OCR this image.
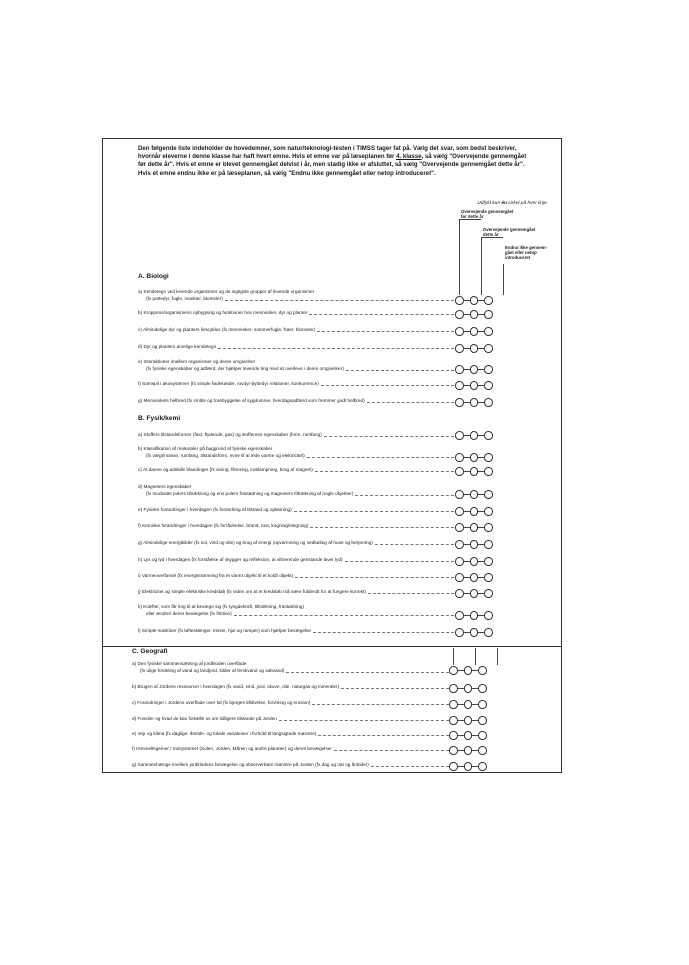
Den følgende liste indeholder de hovedemner, som natur/teknologi-testen i TIMSS tager fat på. Vælg det svar, som bedst beskriver, hvornår eleverne i denne klasse har haft hvert emne. Hvis et emne var på læseplanen før 4. klasse, så vælg "Overvejende gennemgået før dette år". Hvis et emne er blevet gennemgået delvist i år, men stadig ikke er afsluttet, så vælg "Overvejende gennemgået dette år". Hvis et emne endnu ikke er på læseplanen, så vælg "Endnu ikke gennemgået eller netop introduceret".

Udfyld kun én cirkel på hver linje.
Overvejende gennemgået
før dette år
Overvejende gennemgået
dette år
Endnu ikke gennem-
gået eller netop
introduceret
A. Biologi
a) Kendetegn ved levende organismer og de vigtigste grupper af levende organismer
(fx pattedyr, fugle, insekter, blomster)
b) Kroppens/organismens opbygning og funktioner hos mennesker, dyr og planter
c) Almindelige dyr og planters livscyklus (fx mennesker, sommerfugle, frøer, blomster)
d) Dyr og planters arvelige kendetegn
e) Interaktioner imellem organismer og deres omgivelser
(fx fysiske egenskaber og adfærd, der hjælper levende ting med at overleve i deres omgivelser)
f) Samspil i økosystemer (fx simple fødekæder, rovdyr-byttedyr relationer, konkurrence)
g) Menneskets helbred (fx smitte og forebyggelse af sygdomme, hverdagsadfærd som fremmer godt helbred)
B. Fysik/kemi
a) Stoffers tilstandsformer (fast, flydende, gas) og stoffernes egenskaber (form, rumfang)
b) Klassifikation af materialer på baggrund af fysiske egenskaber
(fx vægt/masse, rumfang, tilstandsform, evne til at lede varme og elektricitet)
c) At danne og adskille blandinger (fx sining, filtrering, inddampning, brug af magnet)
d) Magneters egenskaber
(fx modsatte polers tiltrækning og ens polers frastødning og magneters tiltrækning af nogle objekter)
e) Fysiske forandringer i hverdagen (fx forandring af tilstand og opløsning)
f) Kemiske forandringer i hverdagen (fx forrådnelse, brand, rust, kogning/stegning)
g) Almindelige energikilder (fx sol, vind og olie) og brug af energi (opvarmning og nedkøling af huse og belysning)
h) Lys og lyd i hverdagen (fx forståelse af skygger og refleksion, at vibrerende genstande laver lyd)
i) Varmeoverførsel (fx energistrømning fra et varmt objekt til et koldt objekt)
j) Elektricitet og simple elektriske kredsløb (fx viden om at et kredsløb må være fuldendt for at fungere korrekt)
k) Kræfter, som får ting til at bevæge sig (fx tyngdekraft, tiltrækning, frastødning)
eller ændrer deres bevægelse (fx friktion)
l) Simple maskiner (fx løftestænger, trisser, hjul og ramper) som hjælper bevægelse
C. Geografi
a) Den fysiske sammensætning af jordkloden overflade
(fx ulige fordeling af vand og landjord, kilder af ferskvand og saltvand)
b) Brugen af Jordens ressourcer i hverdagen (fx vand, vind, jord, skove, olie, naturgas og mineraler)
c) Forandringer i Jordens overflade over tid (fx bjerges tilblivelse, forvitring og erosion)
d) Fossiler og hvad de kan fortælle os om tidligere tilstande på Jorden
e) Vejr og klima (fx daglige, årstids- og lokale variationer i forhold til langsigtede mønstre)
f) Himmellegemer i Solsystemet (Solen, Jorden, Månen og andre planeter) og deres bevægelser
g) Sammenhænge imellem jordklodens bevægelse og observerbare mønstre på Jorden (fx dag og nat og årstider)
